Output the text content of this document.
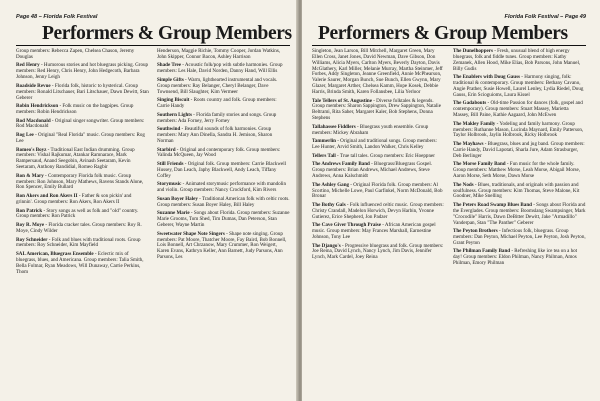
Page 48 – Florida Folk Festival
Performers & Group Members

Group members: Rebecca Zapen, Chelsea Chason, Jeremy Douglas

Red Henry - Humorous stories and hot bluegrass picking. Group members: Red Henry, Chris Henry, John Hedgecoth, Barbara Johnson, Jenny Leigh

Roadside Revue - Florida folk, historic to hysterical. Group members: Ronald Litschauer, Bari Litschauer, Dawn Dewitt, Stan Geberer

Robin Hendrickson - Folk music on the bagpipes. Group members: Robin Hendrickson

Rod Macdonald - Original singer songwriter. Group members: Rod Macdonald

Rog Lee - Original "Real Florida" music. Group members: Rog Lee

Romeo's Boyz - Traditional East Indian drumming. Group members: Vishal Rajkumar, Atankar Ramnarace, Mark Rampersaud, Anand Seegobin, Avinash Seetaram, Kevin Seetaram, Anthony Randidial, Romeo Ragbir

Ron & Mary - Contemporary Florida folk music. Group members: Ron Johnson, Mary Mathews, Ravens Stands Alone, Ron Spencer, Emily Bullard

Ron Akers and Ron Akers II - Father & son pickin' and grinnin'. Group members: Ron Akers, Ron Akers II

Ron Patrick - Story songs as well as folk and "old" country. Group members: Ron Patrick

Roy R. Moye - Florida cracker tales. Group members: Roy R. Moye, Cindy Wilder

Roy Schneider - Folk and blues with traditional roots. Group members: Roy Schneider, Kim Mayfield

SAL American, Bluegrass Ensemble - Eclectic mix of bluegrass, blues, and Americana. Group members: Talia Smith, Bella Folmar, Ryan Meadows, Will Dunaway, Carrie Perkins, Thom

Henderson, Maggie Richie, Tommy Cooper, Jordan Watkins, John Skipper, Connor Bacon, Ashley Harrison

Shade Tree - Acoustic folk/pop with subtle harmonies. Group members: Les Hale, David Norden, Danny Hand, Will Ellis

Simple Gifts - Warm, lighthearted instrumental and vocals. Group members: Ray Belanger, Cheryl Belanger, Dave Townsend, Bill Slaughter, Kim Vermeer

Singing Biscuit - Roots country and folk. Group members: Carrie Handy

Southern Lights - Florida family stories and songs. Group members: Ada Forney, Jerry Forney

Southwind - Beautiful sounds of folk harmonies. Group members: Mary Ann Dinella, Sandra H. Jemison, Sharon Norman

Starbird - Original and contemporary folk. Group members: Valinda McQueen, Jay Wood

Still Friends - Original folk. Group members: Carrie Blackwell Hussey, Dan Leach, Japhy Blackwell, Andy Leach, Tiffany Coffey

Storymusic - Animated storymusic performance with mandolin and violin. Group members: Nancy Crockford, Kim Rivers

Susan Boyer Haley - Traditional American folk with celtic roots. Group members: Susan Boyer Haley, Bill Haley

Suzanne Marie - Songs about Florida. Group members: Suzanne Marie Grooms, Tom Shed, Tim Dumas, Dan Peterson, Stan Geberer, Wayne Martin

Sweetwater Shape Note Singers - Shape note singing. Group members: Pat Moore, Thatcher Moore, Fay Baird, Bob Bonnell, Lois Bonnell, Art Chrzanow, Mary Crummer, Ron Weigert, Karen Evans, Kathryn Keller, Ann Barnett, Judy Parsons, Ann Parsons, Les

Florida Folk Festival – Page 49
Performers & Group Members

Singleton, Jean Larson, Bill Mitchell, Margaret Green, Mary Ellen Cross, Janet Jones, David Newman, Dave Gibson, Don Williams, Alicia Myers, Carlton Myers, Beverly Dayton, Davis McGlathery, Karl Miller, Melanie Murray, Martha Steinmer, Jeff Forbes, Addy Singleton, Jeanne Greenfield, Annie McPhearson, Valerie Saurer, Morgan Bunch, Sue Bunch, Ellen Gwynn, Mary Glazer, Margaret Arther, Chelsea Kamm, Hope Kosek, Debbie Harris, Brinda Smith, Karen Follansbee, Lilia Yerloor

Tale Tellers of St. Augustine - Diverse folktales & legends. Group members: Sharon Sappington, Drew Sappington, Natalie Beltrami, Rita Saher, Margaret Kaler, Bob Stephens, Donna Stephens

Tallahassee Fiddlers - Bluegrass youth ensemble. Group members: Mickey Abraham

Tammerlin - Original and traditional songs. Group members: Lee Hunter, Arvid Smith, Landon Walker, Chris Kelley

Tellers Tall - True tall tales. Group members: Eric Hoeppner

The Andrews Family Band - Bluegrass/Bluegrass Gospel. Group members: Brian Andrews, Michael Andrews, Steve Andrews, Anna Kalschmidt

The Ashley Gang - Original Florida folk. Group members: Al Scortino, Michelle Lowe, Paul Garfinkel, Norm McDonald, Bob Bronar

The Bothy Gals - Folk influenced celtic music. Group members: Christy Crandall, Madelon Horwich, Devyn Harbin, Yvonne Gutierez, Erice Shepherd, Jon Padzer

The Cave Giver Through Praise - African American gospel music. Group members: May Frances Marshall, Earnestine Johnson, Tony Lee

The Django's - Progressive bluegrass and folk. Group members: Joe Reina, David Lynch, Nancy Lynch, Jim Davis, Jennifer Lynch, Mark Cardel, Joey Reina

The Dunelhoppers - Fresh, unusual blend of high energy bluegrass, folk and fiddle tunes. Group members: Kathy Zemanek, Allen Hood, Mike Elias, Bob Parsons, John Manuel, Billy Gudis

The Enablers with Doug Gauss - Harmony singing, folk: traditional & contemporary. Group members: Bethany Cavano, Angie Prather, Susie Howell, Laurel Lenley, Lydia Riedel, Doug Gauss, Erin Scioguioms, Laura Kissel

The Gadabouts - Old-time Passion for dances (folk, gospel and contemporary). Group members: Stuart Massey, Marietta Massey, Bill Paine, Kathie Aagaard, John McEwen

The Makley Family - Yodeling and family harmony. Group members: Ruthanne Mason, Lucinda Maynard, Emily Patterson, Taylor Holbrook, Jaylin Holbrook, Ricky Holbrook

The Mayhaws - Bluegrass, blues and jug band. Group members: Carrie Handy, David Lapotati, Sharla Jure, Adam Strasburger, Deb Berlinger

The Morse Family Band - Fun music for the whole family. Group members: Matthew Morse, Leah Morse, Abigail Morse, Aaron Morse, Seth Morse, Dawn Morse

The Nods - Blues, traditionals, and originals with passion and soulfulness. Group members: Kim Thomas, Steve Malone, Kit Goodner, Mike Snelling

The Peters Road Swamp Blues Band - Songs about Florida and the Everglades. Group members: Boomslang Swampsinger, Mark "Crocodile" Harris, Dawn DeBitter Dewitt, Jake "Armadillo" Vanderpan, Stan "The Panther" Geberer

The Peyton Brothers - Infectious folk, bluegrass. Group members: Dan Peyton, Michael Peyton, Lee Peyton, Josh Peyton, Grant Peyton

The Philman Family Band - Refreshing like ice tea on a hot day! Group members: Eldon Philman, Nancy Philman, Amos Philman, Emory Philman
